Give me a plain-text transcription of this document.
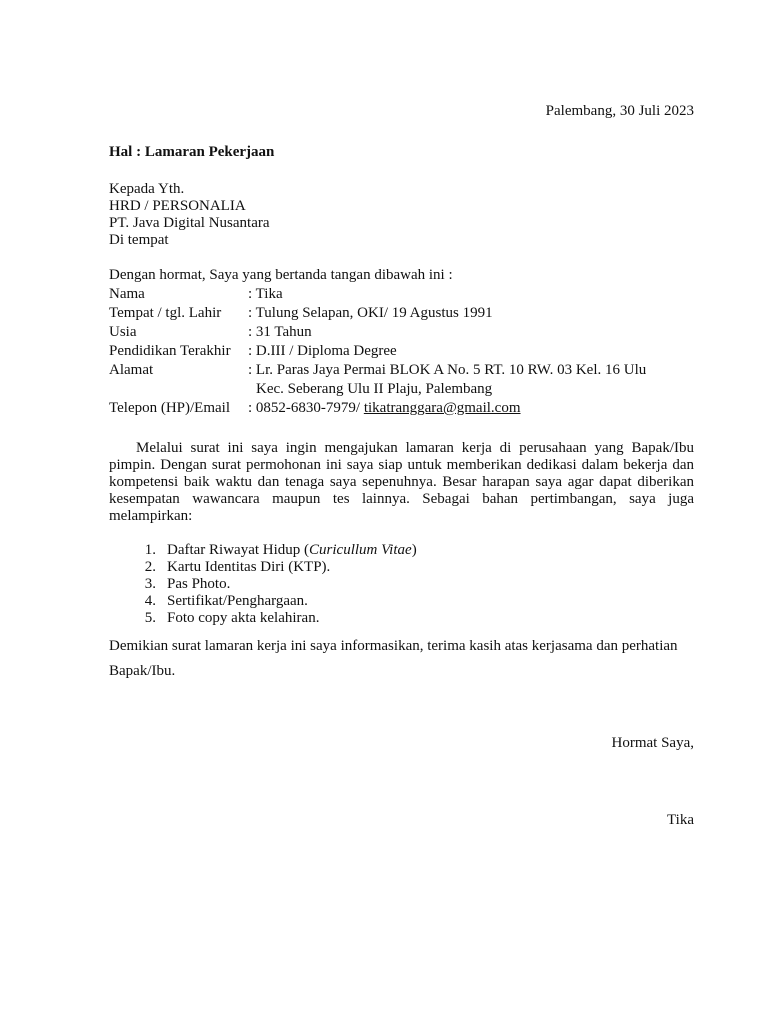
Palembang, 30 Juli 2023
Hal : Lamaran Pekerjaan
Kepada Yth.
HRD / PERSONALIA
PT. Java Digital Nusantara
Di tempat
Dengan hormat, Saya yang bertanda tangan dibawah ini :
Nama	: Tika
Tempat / tgl. Lahir	: Tulung Selapan, OKI/ 19 Agustus 1991
Usia	: 31 Tahun
Pendidikan Terakhir	: D.III / Diploma Degree
Alamat	: Lr. Paras Jaya Permai BLOK A No. 5 RT. 10 RW. 03 Kel. 16 Ulu
Kec. Seberang Ulu II Plaju, Palembang
Telepon (HP)/Email	: 0852-6830-7979/ tikatranggara@gmail.com
Melalui surat ini saya ingin mengajukan lamaran kerja di perusahaan yang Bapak/Ibu pimpin. Dengan surat permohonan ini saya siap untuk memberikan dedikasi dalam bekerja dan kompetensi baik waktu dan tenaga saya sepenuhnya. Besar harapan saya agar dapat diberikan kesempatan wawancara maupun tes lainnya. Sebagai bahan pertimbangan, saya juga melampirkan:
1. Daftar Riwayat Hidup (Curicullum Vitae)
2. Kartu Identitas Diri (KTP).
3. Pas Photo.
4. Sertifikat/Penghargaan.
5. Foto copy akta kelahiran.
Demikian surat lamaran kerja ini saya informasikan, terima kasih atas kerjasama dan perhatian Bapak/Ibu.
Hormat Saya,
Tika
